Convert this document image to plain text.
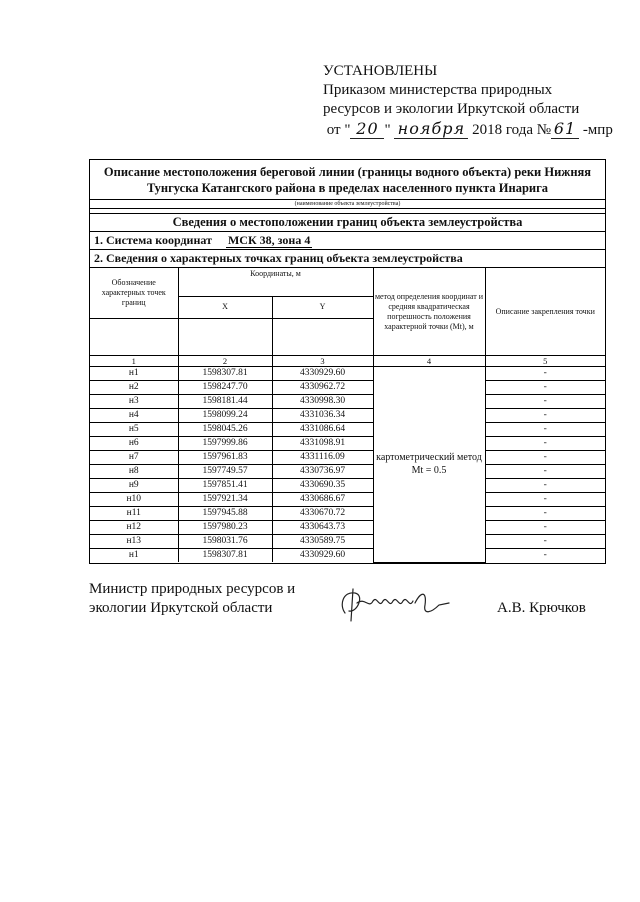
УСТАНОВЛЕНЫ
Приказом министерства природных
ресурсов и экологии Иркутской области
от " 20 " ноября 2018 года № 61 -мпр
Описание местоположения береговой линии (границы водного объекта) реки Нижняя Тунгуска Катангского района в пределах населенного пункта Инарига
(наименование объекта землеустройства)
Сведения о местоположении границ объекта землеустройства
1. Система координат МСК 38, зона 4
2. Сведения о характерных точках границ объекта землеустройства
Обозначение характерных точек границ	Координаты, м		метод определения координат и средняя квадратическая погрешность положения характерной точки (Mt), м	Описание закрепления точки
	X	Y		

1	2	3	4	5
н1	1598307.81	4330929.60	картометрический метод Mt = 0.5	-
н2	1598247.70	4330962.72		-
н3	1598181.44	4330998.30		-
н4	1598099.24	4331036.34		-
н5	1598045.26	4331086.64		-
н6	1597999.86	4331098.91		-
н7	1597961.83	4331116.09		-
н8	1597749.57	4330736.97		-
н9	1597851.41	4330690.35		-
н10	1597921.34	4330686.67		-
н11	1597945.88	4330670.72		-
н12	1597980.23	4330643.73		-
н13	1598031.76	4330589.75		-
н1	1598307.81	4330929.60		-
Министр природных ресурсов и
экологии Иркутской области	А.В. Крючков
